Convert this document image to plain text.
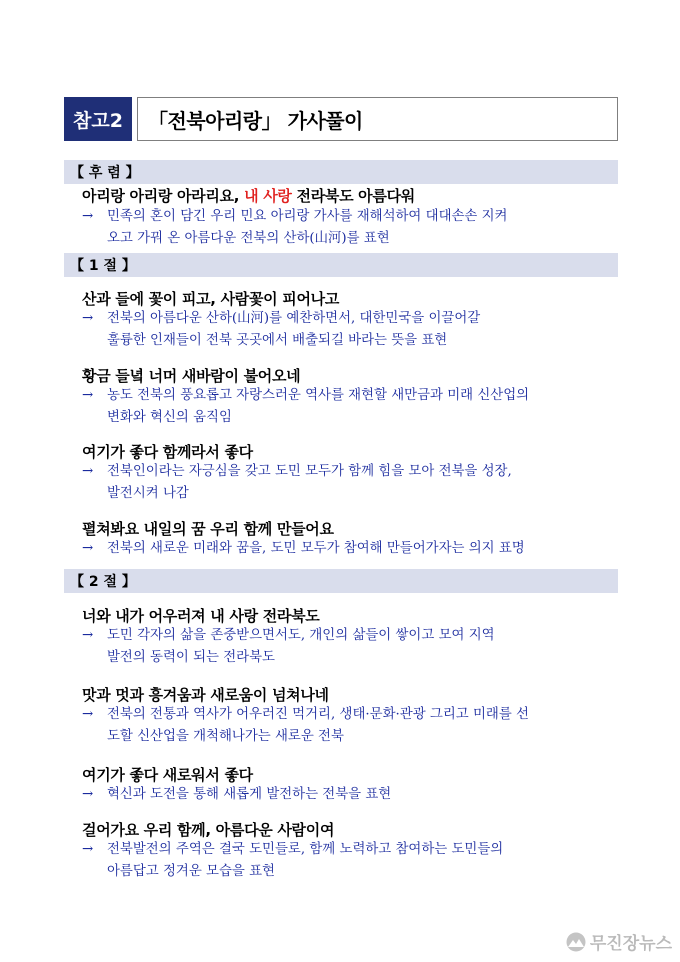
참고2	「전북아리랑」 가사풀이
【 후 렴 】
아리랑 아리랑 아라리요, 내 사랑 전라북도 아름다워
→ 민족의 혼이 담긴 우리 민요 아리랑 가사를 재해석하여 대대손손 지켜
오고 가꿔 온 아름다운 전북의 산하(山河)를 표현
【 1 절 】
산과 들에 꽃이 피고, 사람꽃이 피어나고
→ 전북의 아름다운 산하(山河)를 예찬하면서, 대한민국을 이끌어갈
훌륭한 인재들이 전북 곳곳에서 배출되길 바라는 뜻을 표현
황금 들녘 너머 새바람이 불어오네
→ 농도 전북의 풍요롭고 자랑스러운 역사를 재현할 새만금과 미래 신산업의
변화와 혁신의 움직임
여기가 좋다 함께라서 좋다
→ 전북인이라는 자긍심을 갖고 도민 모두가 함께 힘을 모아 전북을 성장,
발전시켜 나감
펼쳐봐요 내일의 꿈 우리 함께 만들어요
→ 전북의 새로운 미래와 꿈을, 도민 모두가 참여해 만들어가자는 의지 표명
【 2 절 】
너와 내가 어우러져 내 사랑 전라북도
→ 도민 각자의 삶을 존중받으면서도, 개인의 삶들이 쌓이고 모여 지역
발전의 동력이 되는 전라북도
맛과 멋과 흥겨움과 새로움이 넘쳐나네
→ 전북의 전통과 역사가 어우러진 먹거리, 생태·문화·관광 그리고 미래를 선
도할 신산업을 개척해나가는 새로운 전북
여기가 좋다 새로워서 좋다
→ 혁신과 도전을 통해 새롭게 발전하는 전북을 표현
걸어가요 우리 함께, 아름다운 사람이여
→ 전북발전의 주역은 결국 도민들로, 함께 노력하고 참여하는 도민들의
아름답고 정겨운 모습을 표현
무진장뉴스
